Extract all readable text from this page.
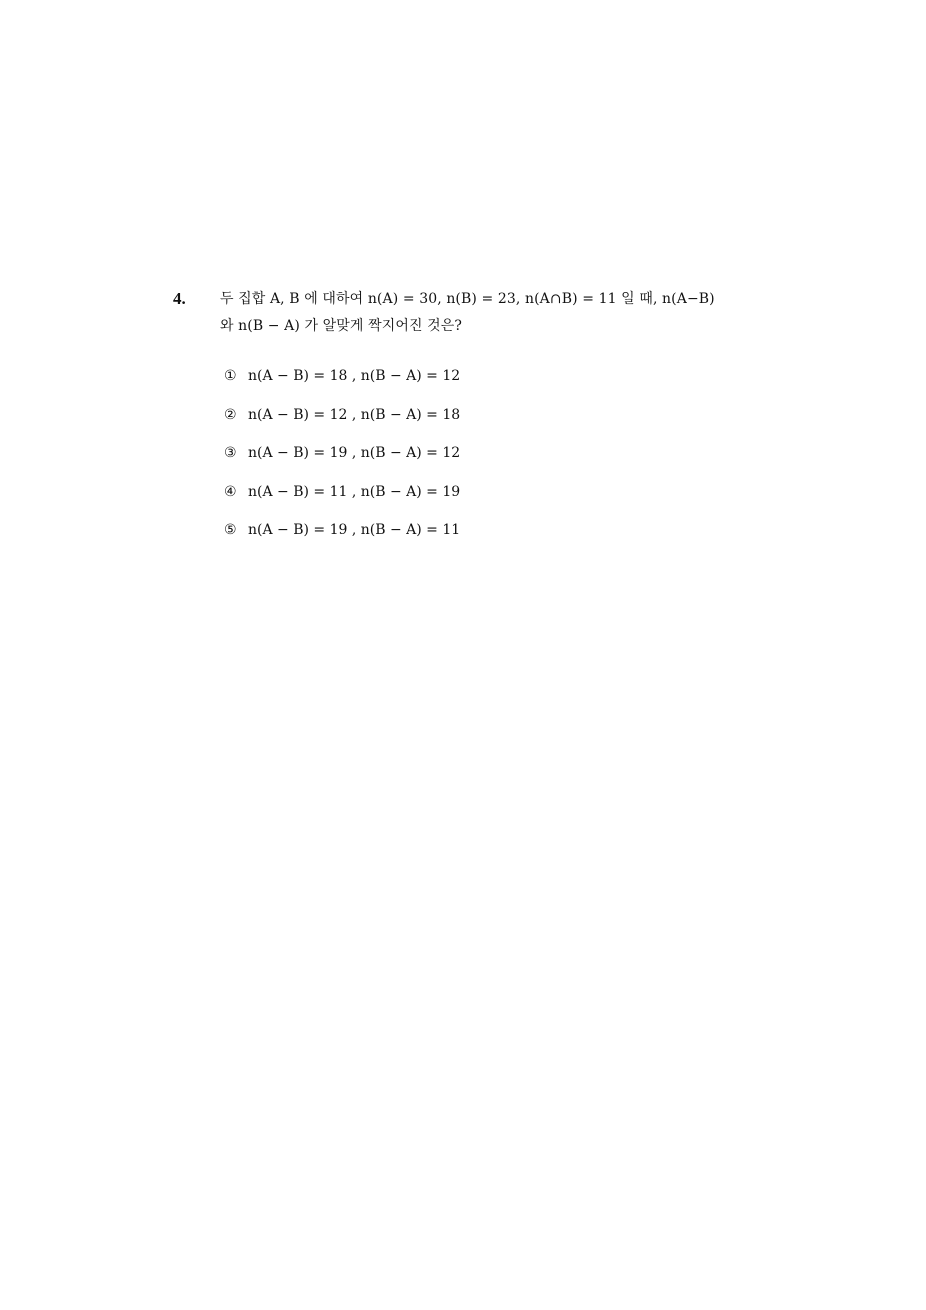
4. 두 집합 A, B 에 대하여 n(A) = 30, n(B) = 23, n(A∩B) = 11 일 때, n(A−B)
와 n(B − A) 가 알맞게 짝지어진 것은?
① n(A − B) = 18 , n(B − A) = 12
② n(A − B) = 12 , n(B − A) = 18
③ n(A − B) = 19 , n(B − A) = 12
④ n(A − B) = 11 , n(B − A) = 19
⑤ n(A − B) = 19 , n(B − A) = 11
